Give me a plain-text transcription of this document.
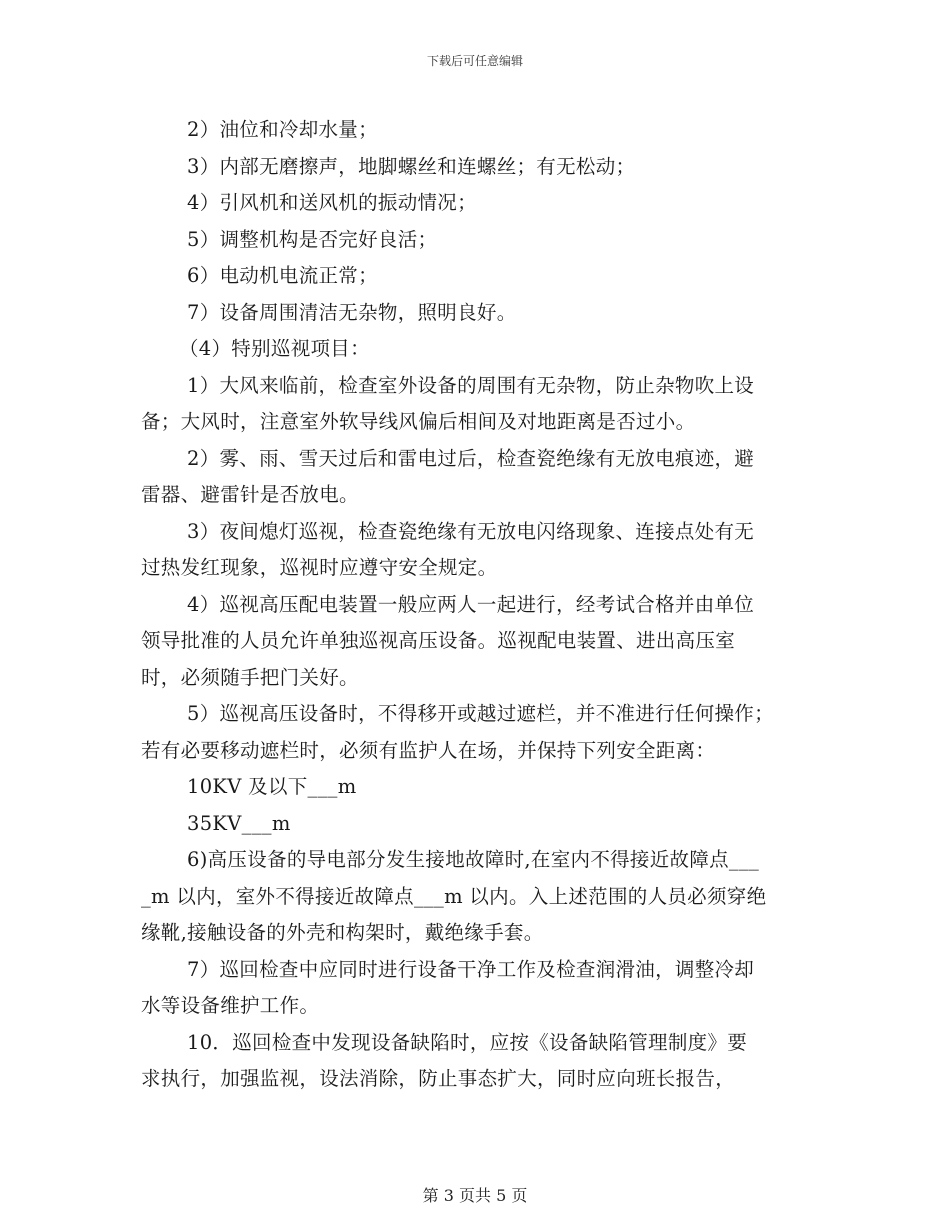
下载后可任意编辑
2）油位和冷却水量；
3）内部无磨擦声，地脚螺丝和连螺丝；有无松动；
4）引风机和送风机的振动情况；
5）调整机构是否完好良活；
6）电动机电流正常；
7）设备周围清洁无杂物，照明良好。
（4）特别巡视项目：
1）大风来临前，检查室外设备的周围有无杂物，防止杂物吹上设
备；大风时，注意室外软导线风偏后相间及对地距离是否过小。
2）雾、雨、雪天过后和雷电过后，检查瓷绝缘有无放电痕迹，避
雷器、避雷针是否放电。
3）夜间熄灯巡视，检查瓷绝缘有无放电闪络现象、连接点处有无
过热发红现象，巡视时应遵守安全规定。
4）巡视高压配电装置一般应两人一起进行，经考试合格并由单位
领导批准的人员允许单独巡视高压设备。巡视配电装置、进出高压室
时，必须随手把门关好。
5）巡视高压设备时，不得移开或越过遮栏，并不准进行任何操作；
若有必要移动遮栏时，必须有监护人在场，并保持下列安全距离：
10KV 及以下___m
35KV___m
6)高压设备的导电部分发生接地故障时,在室内不得接近故障点___
_m 以内，室外不得接近故障点___m 以内。入上述范围的人员必须穿绝
缘靴,接触设备的外壳和构架时，戴绝缘手套。
7）巡回检查中应同时进行设备干净工作及检查润滑油，调整冷却
水等设备维护工作。
10．巡回检查中发现设备缺陷时，应按《设备缺陷管理制度》要
求执行，加强监视，设法消除，防止事态扩大，同时应向班长报告，
第 3 页共 5 页
